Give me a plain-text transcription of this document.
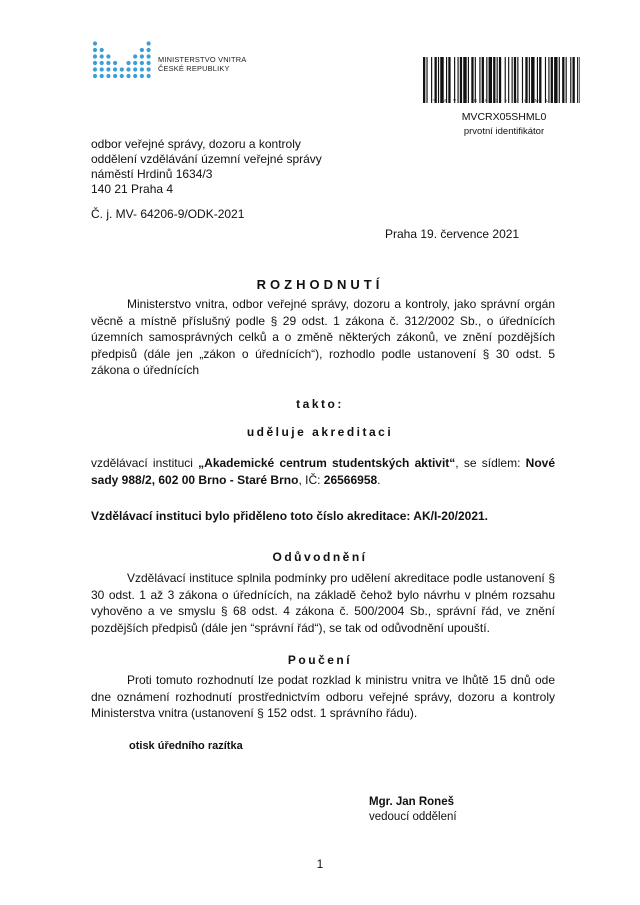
MINISTERSTVO VNITRA
ČESKÉ REPUBLIKY
* M V C R X 0 5 S H M L 0 *
MVCRX05SHML0
prvotní identifikátor
odbor veřejné správy, dozoru a kontroly
oddělení vzdělávání územní veřejné správy
náměstí Hrdinů 1634/3
140 21 Praha 4
Č. j. MV- 64206-9/ODK-2021
Praha 19. července 2021
ROZHODNUTÍ
Ministerstvo vnitra, odbor veřejné správy, dozoru a kontroly, jako správní orgán věcně a místně příslušný podle § 29 odst. 1 zákona č. 312/2002 Sb., o úřednících územních samosprávných celků a o změně některých zákonů, ve znění pozdějších předpisů (dále jen „zákon o úřednících“), rozhodlo podle ustanovení § 30 odst. 5 zákona o úřednících
takto:
uděluje akreditaci
vzdělávací instituci „Akademické centrum studentských aktivit“, se sídlem: Nové sady 988/2, 602 00 Brno - Staré Brno, IČ: 26566958.
Vzdělávací instituci bylo přiděleno toto číslo akreditace: AK/I-20/2021.
Odůvodnění
Vzdělávací instituce splnila podmínky pro udělení akreditace podle ustanovení § 30 odst. 1 až 3 zákona o úřednících, na základě čehož bylo návrhu v plném rozsahu vyhověno a ve smyslu § 68 odst. 4 zákona č. 500/2004 Sb., správní řád, ve znění pozdějších předpisů (dále jen “správní řád“), se tak od odůvodnění upouští.
Poučení
Proti tomuto rozhodnutí lze podat rozklad k ministru vnitra ve lhůtě 15 dnů ode dne oznámení rozhodnutí prostřednictvím odboru veřejné správy, dozoru a kontroly Ministerstva vnitra (ustanovení § 152 odst. 1 správního řádu).
otisk úředního razítka
Mgr. Jan Roneš
vedoucí oddělení
1
